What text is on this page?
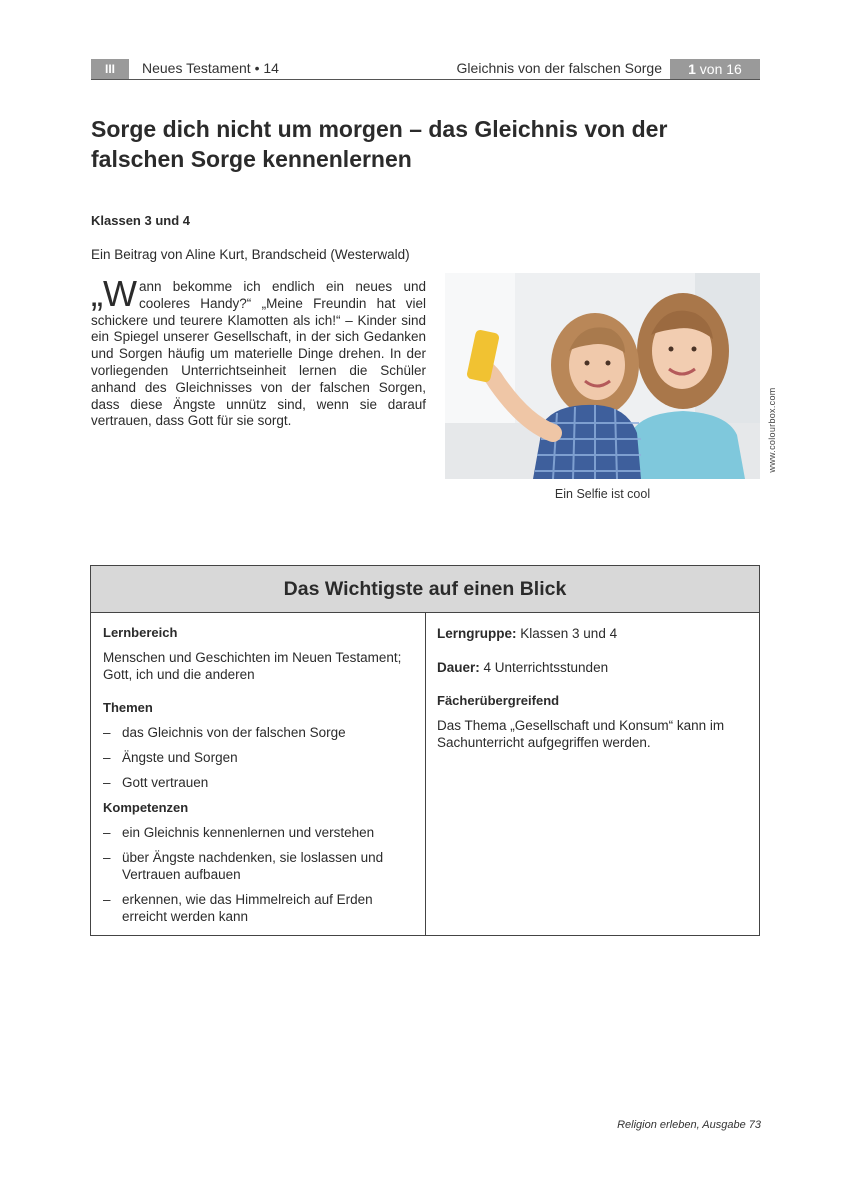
III	Neues Testament • 14	Gleichnis von der falschen Sorge	1 von 16
Sorge dich nicht um morgen – das Gleichnis von der falschen Sorge kennenlernen
Klassen 3 und 4
Ein Beitrag von Aline Kurt, Brandscheid (Westerwald)
„Wann bekomme ich endlich ein neues und cooleres Handy?“ „Meine Freundin hat viel schickere und teurere Klamotten als ich!“ – Kinder sind ein Spiegel unserer Gesellschaft, in der sich Gedanken und Sorgen häufig um materielle Dinge drehen. In der vorliegenden Unterrichtseinheit lernen die Schüler anhand des Gleichnisses von der falschen Sorgen, dass diese Ängste unnütz sind, wenn sie darauf vertrauen, dass Gott für sie sorgt.	www.colourbox.com
Ein Selfie ist cool
Das Wichtigste auf einen Blick
Lernbereich
Menschen und Geschichten im Neuen Testament; Gott, ich und die anderen
Themen
– das Gleichnis von der falschen Sorge
– Ängste und Sorgen
– Gott vertrauen
Kompetenzen
– ein Gleichnis kennenlernen und verstehen
– über Ängste nachdenken, sie loslassen und Vertrauen aufbauen
– erkennen, wie das Himmelreich auf Erden erreicht werden kann
Lerngruppe: Klassen 3 und 4
Dauer: 4 Unterrichtsstunden
Fächerübergreifend
Das Thema „Gesellschaft und Konsum“ kann im Sachunterricht aufgegriffen werden.
Religion erleben, Ausgabe 73
